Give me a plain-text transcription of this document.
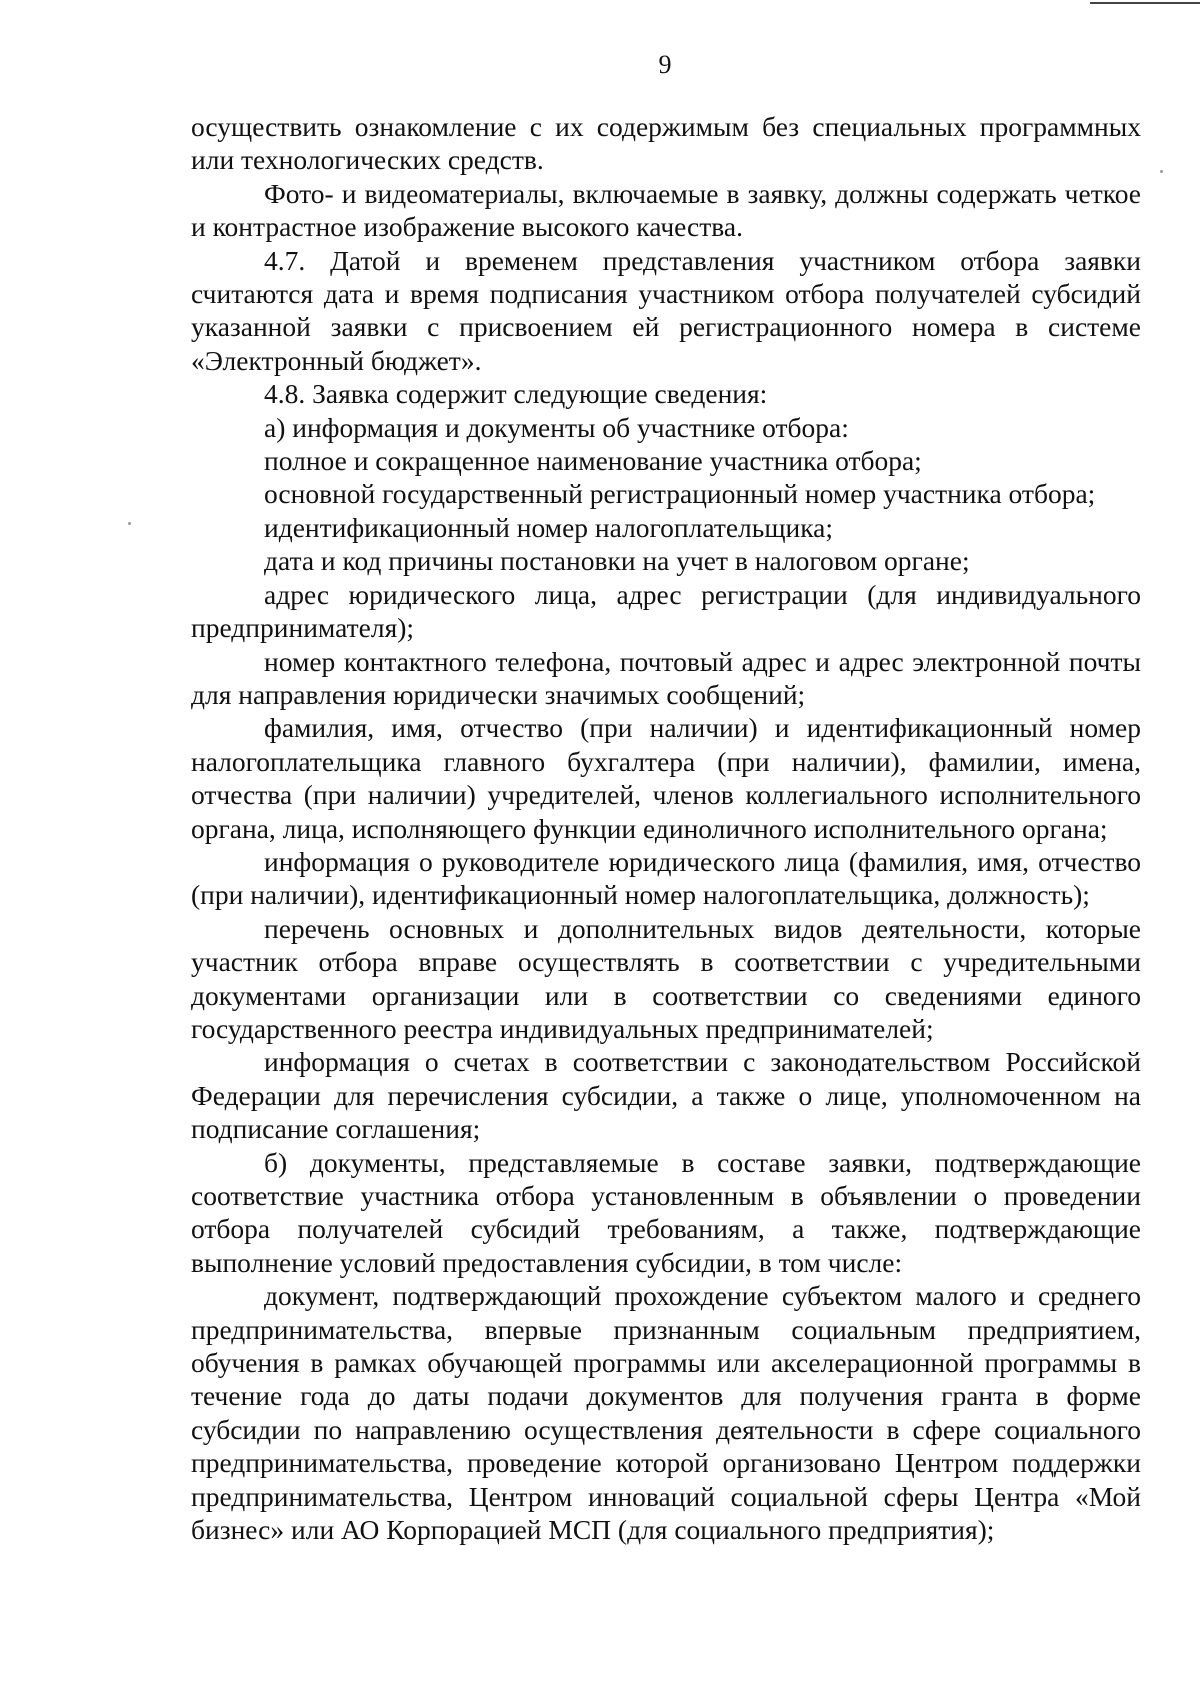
9

осуществить ознакомление с их содержимым без специальных программных или технологических средств.

Фото- и видеоматериалы, включаемые в заявку, должны содержать четкое и контрастное изображение высокого качества.

4.7. Датой и временем представления участником отбора заявки считаются дата и время подписания участником отбора получателей субсидий указанной заявки с присвоением ей регистрационного номера в системе «Электронный бюджет».

4.8. Заявка содержит следующие сведения:

а) информация и документы об участнике отбора:

полное и сокращенное наименование участника отбора;

основной государственный регистрационный номер участника отбора;

идентификационный номер налогоплательщика;

дата и код причины постановки на учет в налоговом органе;

адрес юридического лица, адрес регистрации (для индивидуального предпринимателя);

номер контактного телефона, почтовый адрес и адрес электронной почты для направления юридически значимых сообщений;

фамилия, имя, отчество (при наличии) и идентификационный номер налогоплательщика главного бухгалтера (при наличии), фамилии, имена, отчества (при наличии) учредителей, членов коллегиального исполнительного органа, лица, исполняющего функции единоличного исполнительного органа;

информация о руководителе юридического лица (фамилия, имя, отчество (при наличии), идентификационный номер налогоплательщика, должность);

перечень основных и дополнительных видов деятельности, которые участник отбора вправе осуществлять в соответствии с учредительными документами организации или в соответствии со сведениями единого государственного реестра индивидуальных предпринимателей;

информация о счетах в соответствии с законодательством Российской Федерации для перечисления субсидии, а также о лице, уполномоченном на подписание соглашения;

б) документы, представляемые в составе заявки, подтверждающие соответствие участника отбора установленным в объявлении о проведении отбора получателей субсидий требованиям, а также, подтверждающие выполнение условий предоставления субсидии, в том числе:

документ, подтверждающий прохождение субъектом малого и среднего предпринимательства, впервые признанным социальным предприятием, обучения в рамках обучающей программы или акселерационной программы в течение года до даты подачи документов для получения гранта в форме субсидии по направлению осуществления деятельности в сфере социального предпринимательства, проведение которой организовано Центром поддержки предпринимательства, Центром инноваций социальной сферы Центра «Мой бизнес» или АО Корпорацией МСП (для социального предприятия);
